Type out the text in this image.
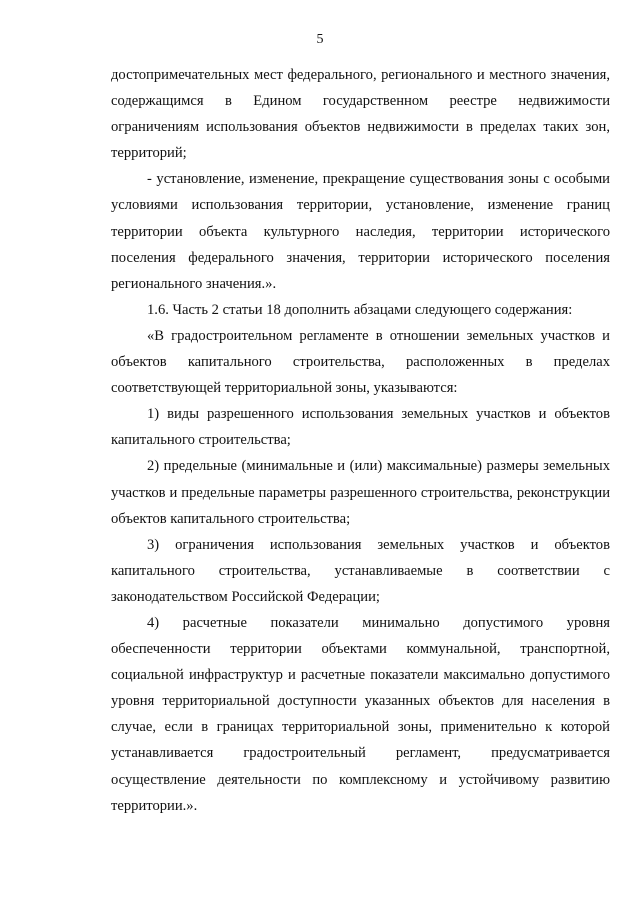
5

достопримечательных мест федерального, регионального и местного значения, содержащимся в Едином государственном реестре недвижимости ограничениям использования объектов недвижимости в пределах таких зон, территорий;

- установление, изменение, прекращение существования зоны с особыми условиями использования территории, установление, изменение границ территории объекта культурного наследия, территории исторического поселения федерального значения, территории исторического поселения регионального значения.».

1.6. Часть 2 статьи 18 дополнить абзацами следующего содержания:

«В градостроительном регламенте в отношении земельных участков и объектов капитального строительства, расположенных в пределах соответствующей территориальной зоны, указываются:

1) виды разрешенного использования земельных участков и объектов капитального строительства;

2) предельные (минимальные и (или) максимальные) размеры земельных участков и предельные параметры разрешенного строительства, реконструкции объектов капитального строительства;

3) ограничения использования земельных участков и объектов капитального строительства, устанавливаемые в соответствии с законодательством Российской Федерации;

4) расчетные показатели минимально допустимого уровня обеспеченности территории объектами коммунальной, транспортной, социальной инфраструктур и расчетные показатели максимально допустимого уровня территориальной доступности указанных объектов для населения в случае, если в границах территориальной зоны, применительно к которой устанавливается градостроительный регламент, предусматривается осуществление деятельности по комплексному и устойчивому развитию территории.».
